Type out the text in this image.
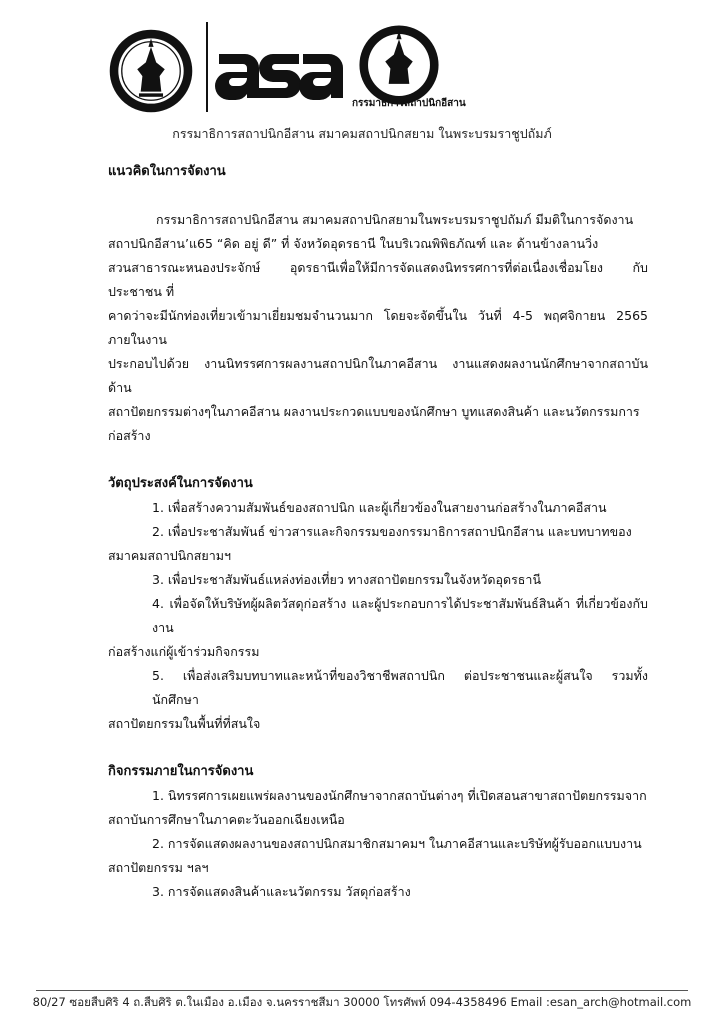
กรรมาธิการสถาปนิกอีสาน
กรรมาธิการสถาปนิกอีสาน สมาคมสถาปนิกสยาม ในพระบรมราชูปถัมภ์

แนวคิดในการจัดงาน

กรรมาธิการสถาปนิกอีสาน สมาคมสถาปนิกสยามในพระบรมราชูปถัมภ์ มีมติในการจัดงาน

สถาปนิกอีสาน’แ65 “คิด อยู่ ดี” ที่ จังหวัดอุดรธานี ในบริเวณพิพิธภัณฑ์ และ ด้านข้างลานวิ่ง

สวนสาธารณะหนองประจักษ์ อุดรธานีเพื่อให้มีการจัดแสดงนิทรรศการที่ต่อเนื่องเชื่อมโยง กับประชาชน ที่

คาดว่าจะมีนักท่องเที่ยวเข้ามาเยี่ยมชมจำนวนมาก โดยจะจัดขึ้นใน วันที่ 4-5 พฤศจิกายน 2565 ภายในงาน

ประกอบไปด้วย งานนิทรรศการผลงานสถาปนิกในภาคอีสาน งานแสดงผลงานนักศึกษาจากสถาบันด้าน

สถาปัตยกรรมต่างๆในภาคอีสาน ผลงานประกวดแบบของนักศึกษา บูทแสดงสินค้า และนวัตกรรมการ

ก่อสร้าง

วัตถุประสงค์ในการจัดงาน

1. เพื่อสร้างความสัมพันธ์ของสถาปนิก และผู้เกี่ยวข้องในสายงานก่อสร้างในภาคอีสาน

2. เพื่อประชาสัมพันธ์ ข่าวสารและกิจกรรมของกรรมาธิการสถาปนิกอีสาน และบทบาทของ

สมาคมสถาปนิกสยามฯ

3. เพื่อประชาสัมพันธ์แหล่งท่องเที่ยว ทางสถาปัตยกรรมในจังหวัดอุดรธานี

4. เพื่อจัดให้บริษัทผู้ผลิตวัสดุก่อสร้าง และผู้ประกอบการได้ประชาสัมพันธ์สินค้า ที่เกี่ยวข้องกับงาน

ก่อสร้างแก่ผู้เข้าร่วมกิจกรรม

5. เพื่อส่งเสริมบทบาทและหน้าที่ของวิชาชีพสถาปนิก ต่อประชาชนและผู้สนใจ รวมทั้งนักศึกษา

สถาปัตยกรรมในพื้นที่ที่สนใจ

กิจกรรมภายในการจัดงาน

1. นิทรรศการเผยแพร่ผลงานของนักศึกษาจากสถาบันต่างๆ ที่เปิดสอนสาขาสถาปัตยกรรมจาก

สถาบันการศึกษาในภาคตะวันออกเฉียงเหนือ

2. การจัดแสดงผลงานของสถาปนิกสมาชิกสมาคมฯ ในภาคอีสานและบริษัทผู้รับออกแบบงาน

สถาปัตยกรรม ฯลฯ

3. การจัดแสดงสินค้าและนวัตกรรม วัสดุก่อสร้าง

80/27 ซอยสืบศิริ 4 ถ.สืบศิริ ต.ในเมือง อ.เมือง จ.นครราชสีมา 30000 โทรศัพท์ 094-4358496 Email :esan_arch@hotmail.com
